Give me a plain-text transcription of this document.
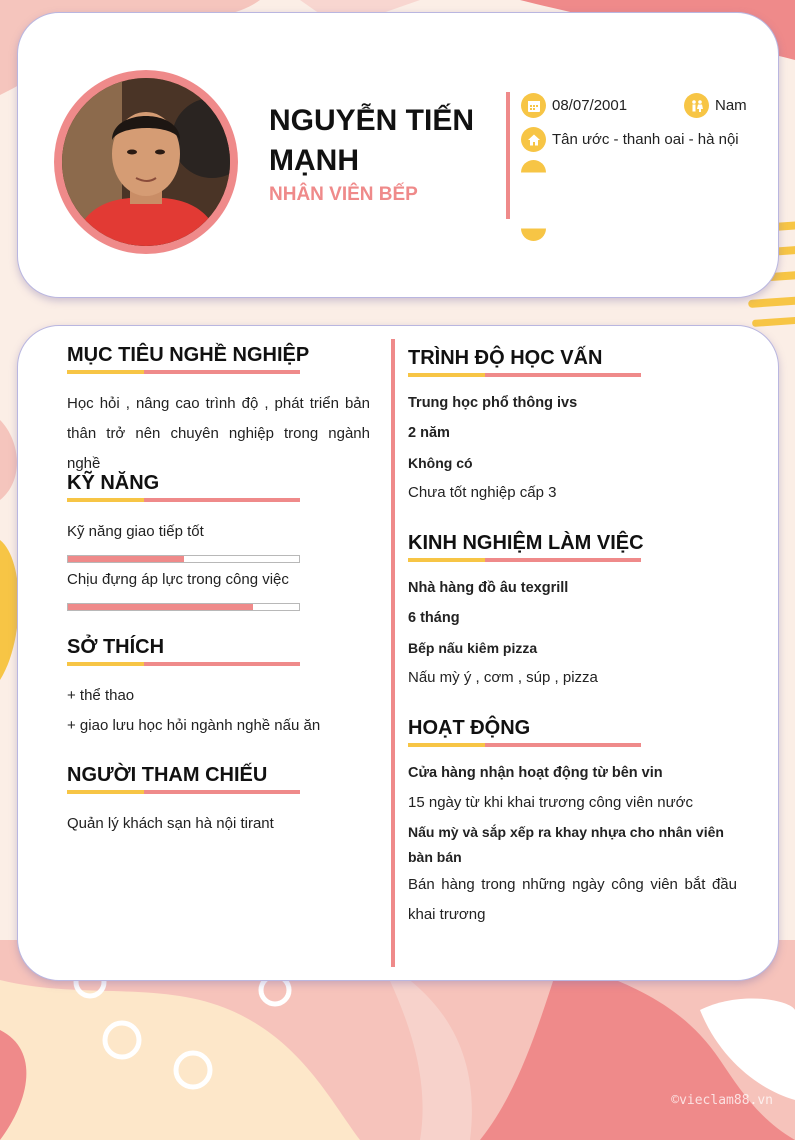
NGUYỄN TIẾN MẠNH
NHÂN VIÊN BẾP
08/07/2001	Nam
Tân ước - thanh oai - hà nội
MỤC TIÊU NGHỀ NGHIỆP
Học hỏi , nâng cao trình độ , phát triển bản thân trở nên chuyên nghiệp trong ngành nghề
KỸ NĂNG
Kỹ năng giao tiếp tốt
Chịu đựng áp lực trong công việc
SỞ THÍCH
+ thể thao
+ giao lưu học hỏi ngành nghề nấu ăn
NGƯỜI THAM CHIẾU
Quản lý khách sạn hà nội tirant
TRÌNH ĐỘ HỌC VẤN
Trung học phổ thông ivs
2 năm
Không có
Chưa tốt nghiệp cấp 3
KINH NGHIỆM LÀM VIỆC
Nhà hàng đồ âu texgrill
6 tháng
Bếp nấu kiêm pizza
Nấu mỳ ý , cơm , súp , pizza
HOẠT ĐỘNG
Cửa hàng nhận hoạt động từ bên vin
15 ngày từ khi khai trương công viên nước
Nấu mỳ và sắp xếp ra khay nhựa cho nhân viên bàn bán
Bán hàng trong những ngày công viên bắt đầu khai trương
©vieclam88.vn
